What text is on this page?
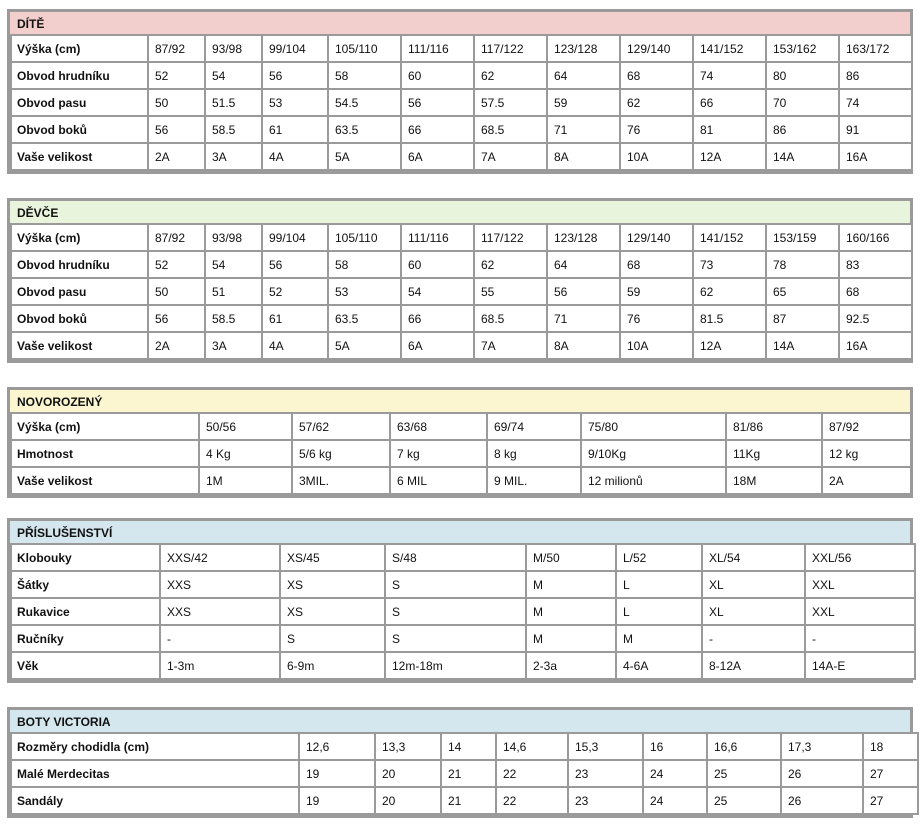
DÍTĚ
Výška (cm)	87/92	93/98	99/104	105/110	111/116	117/122	123/128	129/140	141/152	153/162	163/172
Obvod hrudníku	52	54	56	58	60	62	64	68	74	80	86
Obvod pasu	50	51.5	53	54.5	56	57.5	59	62	66	70	74
Obvod boků	56	58.5	61	63.5	66	68.5	71	76	81	86	91
Vaše velikost	2A	3A	4A	5A	6A	7A	8A	10A	12A	14A	16A
DĚVČE
Výška (cm)	87/92	93/98	99/104	105/110	111/116	117/122	123/128	129/140	141/152	153/159	160/166
Obvod hrudníku	52	54	56	58	60	62	64	68	73	78	83
Obvod pasu	50	51	52	53	54	55	56	59	62	65	68
Obvod boků	56	58.5	61	63.5	66	68.5	71	76	81.5	87	92.5
Vaše velikost	2A	3A	4A	5A	6A	7A	8A	10A	12A	14A	16A
NOVOROZENÝ
Výška (cm)	50/56	57/62	63/68	69/74	75/80	81/86	87/92
Hmotnost	4 Kg	5/6 kg	7 kg	8 kg	9/10Kg	11Kg	12 kg
Vaše velikost	1M	3MIL.	6 MIL	9 MIL.	12 milionů	18M	2A
PŘÍSLUŠENSTVÍ
Klobouky	XXS/42	XS/45	S/48	M/50	L/52	XL/54	XXL/56
Šátky	XXS	XS	S	M	L	XL	XXL
Rukavice	XXS	XS	S	M	L	XL	XXL
Ručníky	-	S	S	M	M	-	-
Věk	1-3m	6-9m	12m-18m	2-3a	4-6A	8-12A	14A-E
BOTY VICTORIA
Rozměry chodidla (cm)	12,6	13,3	14	14,6	15,3	16	16,6	17,3	18
Malé Merdecitas	19	20	21	22	23	24	25	26	27
Sandály	19	20	21	22	23	24	25	26	27
